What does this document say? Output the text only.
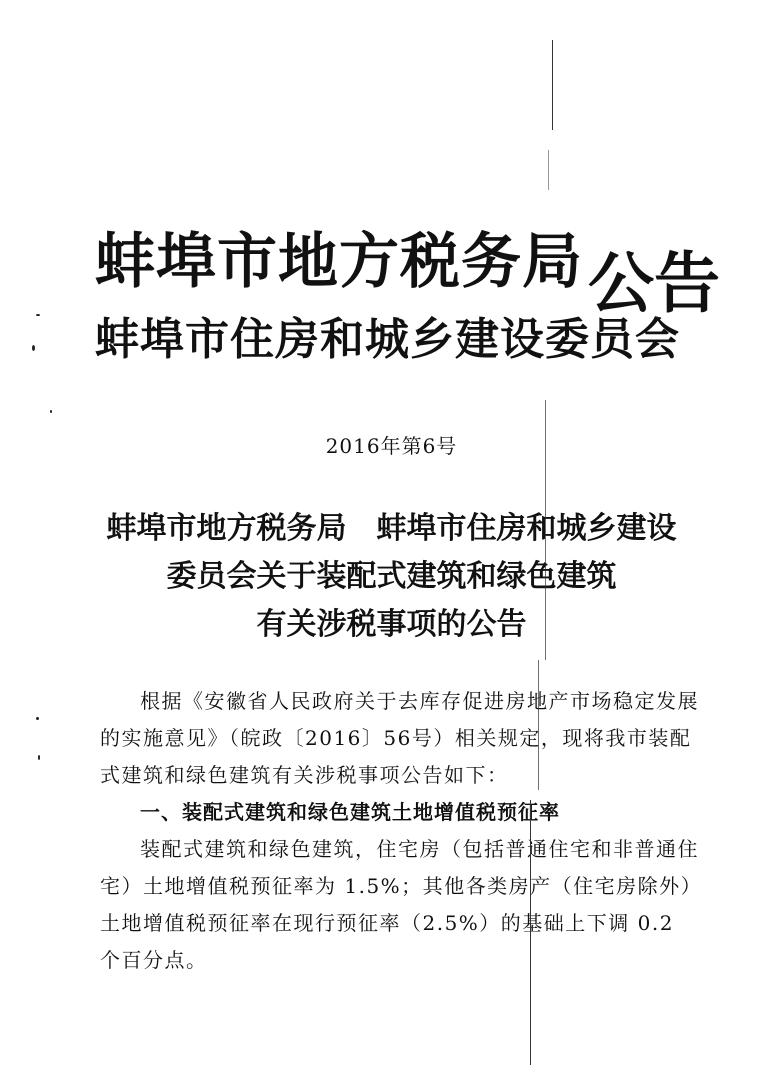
蚌埠市地方税务局
蚌埠市住房和城乡建设委员会
公告
2016年第6号
蚌埠市地方税务局　蚌埠市住房和城乡建设
委员会关于装配式建筑和绿色建筑
有关涉税事项的公告

根据《安徽省人民政府关于去库存促进房地产市场稳定发展的实施意见》（皖政〔2016〕56号）相关规定，现将我市装配式建筑和绿色建筑有关涉税事项公告如下：

一、装配式建筑和绿色建筑土地增值税预征率

装配式建筑和绿色建筑，住宅房（包括普通住宅和非普通住宅）土地增值税预征率为 1.5%；其他各类房产（住宅房除外）土地增值税预征率在现行预征率（2.5%）的基础上下调 0.2 个百分点。
